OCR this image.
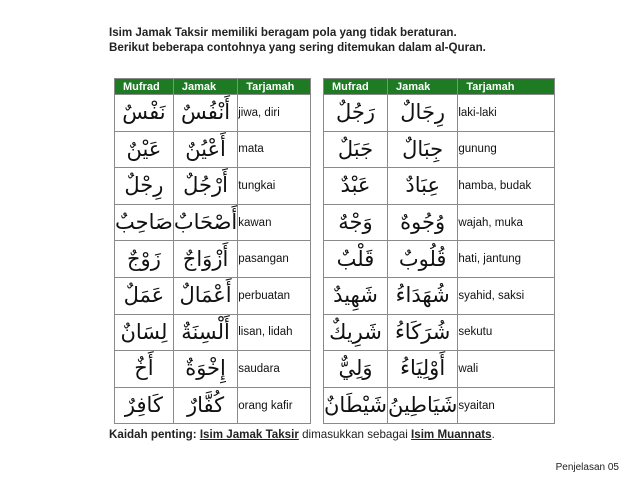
Isim Jamak Taksir memiliki beragam pola yang tidak beraturan.
Berikut beberapa contohnya yang sering ditemukan dalam al-Quran.
Mufrad	Jamak	Tarjamah
نَفْسٌ	أَنْفُسٌ	jiwa, diri
عَيْنٌ	أَعْيُنٌ	mata
رِجْلٌ	أَرْجُلٌ	tungkai
صَاحِبٌ	أَصْحَابٌ	kawan
زَوْجٌ	أَزْوَاجٌ	pasangan
عَمَلٌ	أَعْمَالٌ	perbuatan
لِسَانٌ	أَلْسِنَةٌ	lisan, lidah
أَخٌ	إِخْوَةٌ	saudara
كَافِرٌ	كُفَّارٌ	orang kafir
Mufrad	Jamak	Tarjamah
رَجُلٌ	رِجَالٌ	laki-laki
جَبَلٌ	جِبَالٌ	gunung
عَبْدٌ	عِبَادٌ	hamba, budak
وَجْهٌ	وُجُوهٌ	wajah, muka
قَلْبٌ	قُلُوبٌ	hati, jantung
شَهِيدٌ	شُهَدَاءُ	syahid, saksi
شَرِيكٌ	شُرَكَاءُ	sekutu
وَلِيٌّ	أَوْلِيَاءُ	wali
شَيْطَانٌ	شَيَاطِينُ	syaitan
Kaidah penting: Isim Jamak Taksir dimasukkan sebagai Isim Muannats.
Penjelasan 05
